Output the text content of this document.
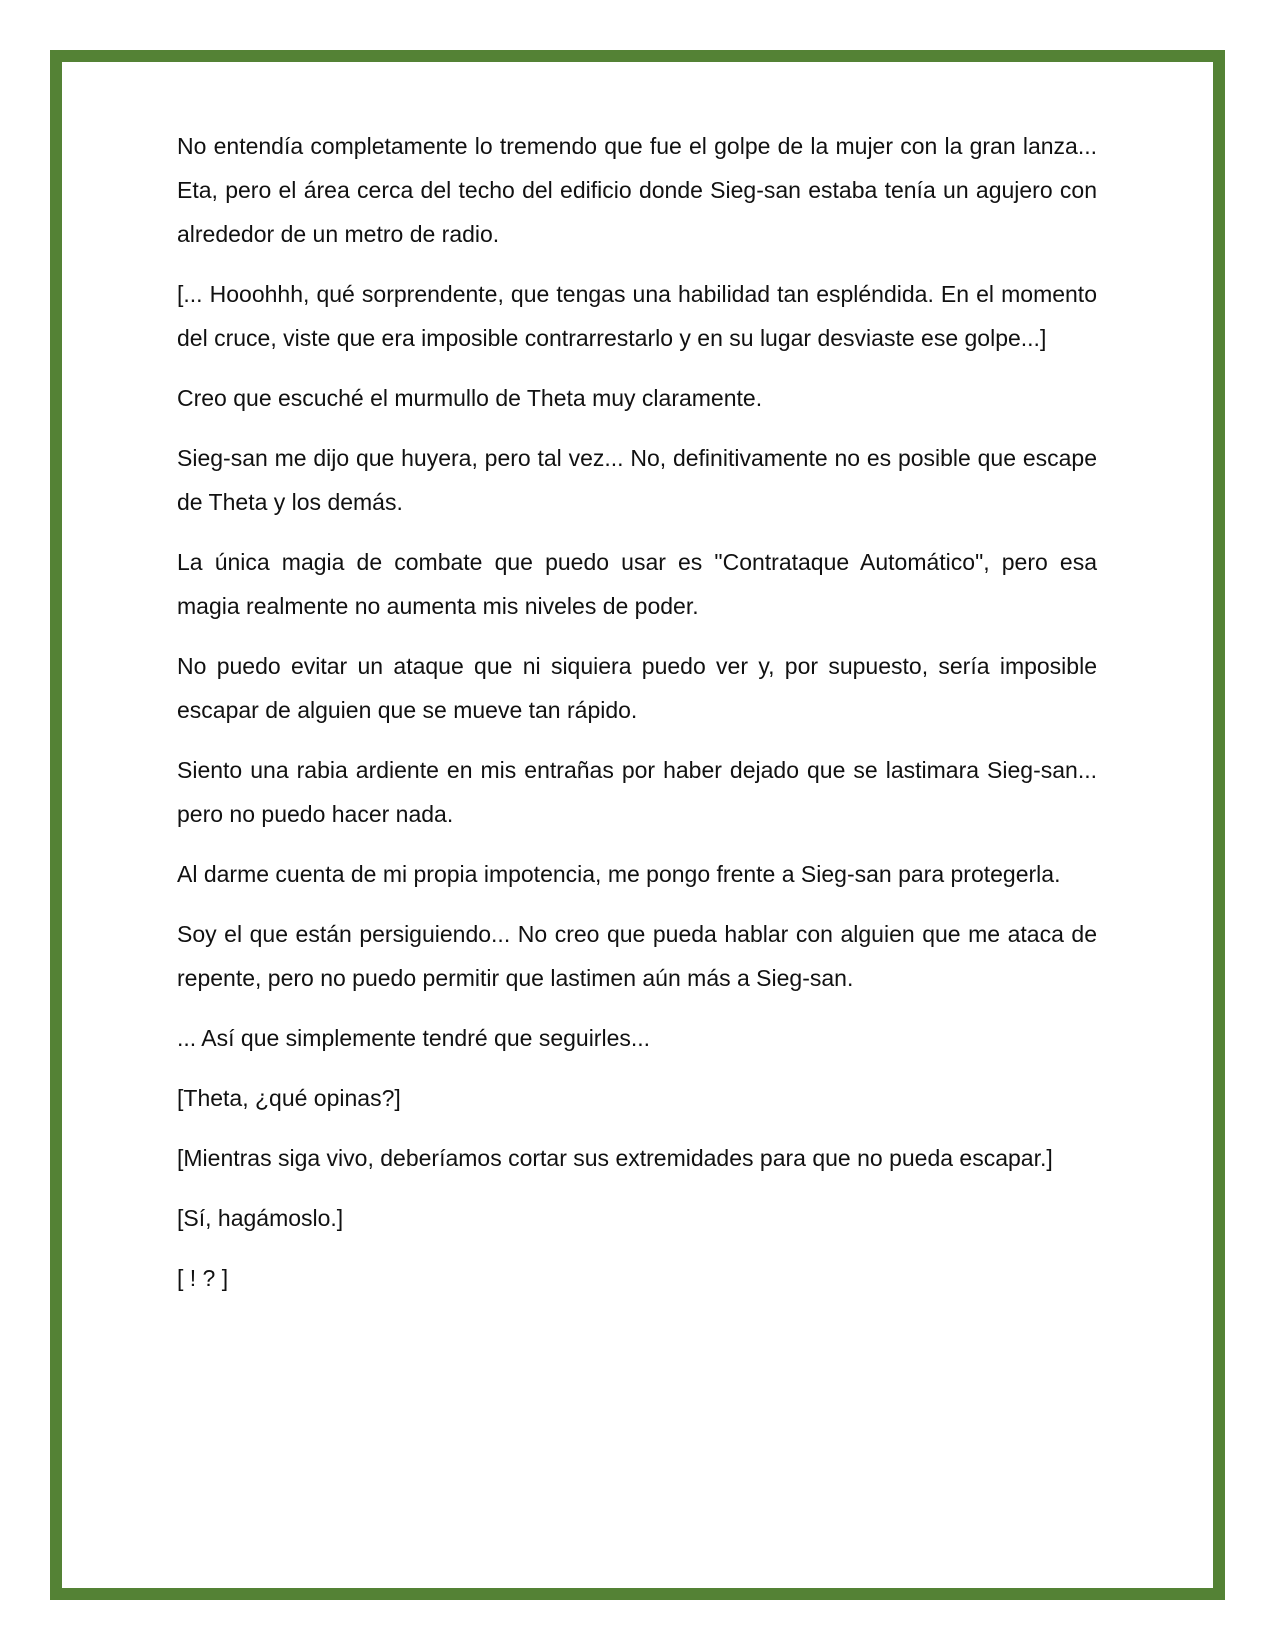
No entendía completamente lo tremendo que fue el golpe de la mujer con la gran lanza... Eta, pero el área cerca del techo del edificio donde Sieg-san estaba tenía un agujero con alrededor de un metro de radio.

[... Hooohhh, qué sorprendente, que tengas una habilidad tan espléndida. En el momento del cruce, viste que era imposible contrarrestarlo y en su lugar desviaste ese golpe...]

Creo que escuché el murmullo de Theta muy claramente.

Sieg-san me dijo que huyera, pero tal vez... No, definitivamente no es posible que escape de Theta y los demás.

La única magia de combate que puedo usar es "Contrataque Automático", pero esa magia realmente no aumenta mis niveles de poder.

No puedo evitar un ataque que ni siquiera puedo ver y, por supuesto, sería imposible escapar de alguien que se mueve tan rápido.

Siento una rabia ardiente en mis entrañas por haber dejado que se lastimara Sieg-san... pero no puedo hacer nada.

Al darme cuenta de mi propia impotencia, me pongo frente a Sieg-san para protegerla.

Soy el que están persiguiendo... No creo que pueda hablar con alguien que me ataca de repente, pero no puedo permitir que lastimen aún más a Sieg-san.

... Así que simplemente tendré que seguirles...

[Theta, ¿qué opinas?]

[Mientras siga vivo, deberíamos cortar sus extremidades para que no pueda escapar.]

[Sí, hagámoslo.]

[ ! ? ]
